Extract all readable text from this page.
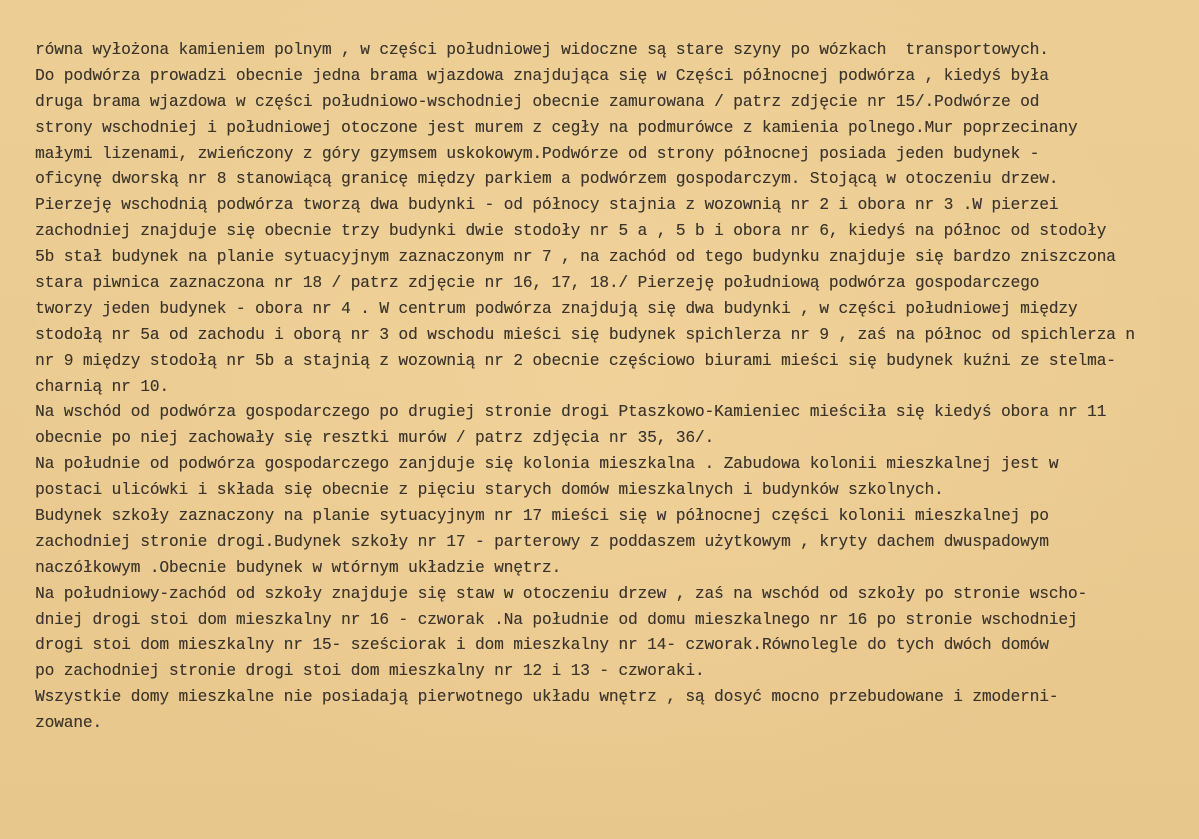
równa wyłożona kamieniem polnym , w części południowej widoczne są stare szyny po wózkach  transportowych.
Do podwórza prowadzi obecnie jedna brama wjazdowa znajdująca się w Części północnej podwórza , kiedyś była
druga brama wjazdowa w części południowo-wschodniej obecnie zamurowana / patrz zdjęcie nr 15/.Podwórze od
strony wschodniej i południowej otoczone jest murem z cegły na podmurówce z kamienia polnego.Mur poprzecinany
małymi lizenami, zwieńczony z góry gzymsem uskokowym.Podwórze od strony północnej posiada jeden budynek -
oficynę dworską nr 8 stanowiącą granicę między parkiem a podwórzem gospodarczym. Stojącą w otoczeniu drzew.
Pierzeję wschodnią podwórza tworzą dwa budynki - od północy stajnia z wozownią nr 2 i obora nr 3 .W pierzei
zachodniej znajduje się obecnie trzy budynki dwie stodoły nr 5 a , 5 b i obora nr 6, kiedyś na północ od stodoły
5b stał budynek na planie sytuacyjnym zaznaczonym nr 7 , na zachód od tego budynku znajduje się bardzo zniszczona
stara piwnica zaznaczona nr 18 / patrz zdjęcie nr 16, 17, 18./ Pierzeję południową podwórza gospodarczego
tworzy jeden budynek - obora nr 4 . W centrum podwórza znajdują się dwa budynki , w części południowej między
stodołą nr 5a od zachodu i oborą nr 3 od wschodu mieści się budynek spichlerza nr 9 , zaś na północ od spichlerza n
nr 9 między stodołą nr 5b a stajnią z wozownią nr 2 obecnie częściowo biurami mieści się budynek kuźni ze stelma-
charnią nr 10.
Na wschód od podwórza gospodarczego po drugiej stronie drogi Ptaszkowo-Kamieniec mieściła się kiedyś obora nr 11
obecnie po niej zachowały się resztki murów / patrz zdjęcia nr 35, 36/.
Na południe od podwórza gospodarczego zanjduje się kolonia mieszkalna . Zabudowa kolonii mieszkalnej jest w
postaci ulicówki i składa się obecnie z pięciu starych domów mieszkalnych i budynków szkolnych.
Budynek szkoły zaznaczony na planie sytuacyjnym nr 17 mieści się w północnej części kolonii mieszkalnej po
zachodniej stronie drogi.Budynek szkoły nr 17 - parterowy z poddaszem użytkowym , kryty dachem dwuspadowym
naczółkowym .Obecnie budynek w wtórnym układzie wnętrz.
Na południowy-zachód od szkoły znajduje się staw w otoczeniu drzew , zaś na wschód od szkoły po stronie wscho-
dniej drogi stoi dom mieszkalny nr 16 - czworak .Na południe od domu mieszkalnego nr 16 po stronie wschodniej
drogi stoi dom mieszkalny nr 15- sześciorak i dom mieszkalny nr 14- czworak.Równolegle do tych dwóch domów
po zachodniej stronie drogi stoi dom mieszkalny nr 12 i 13 - czworaki.
Wszystkie domy mieszkalne nie posiadają pierwotnego układu wnętrz , są dosyć mocno przebudowane i zmoderni-
zowane.
